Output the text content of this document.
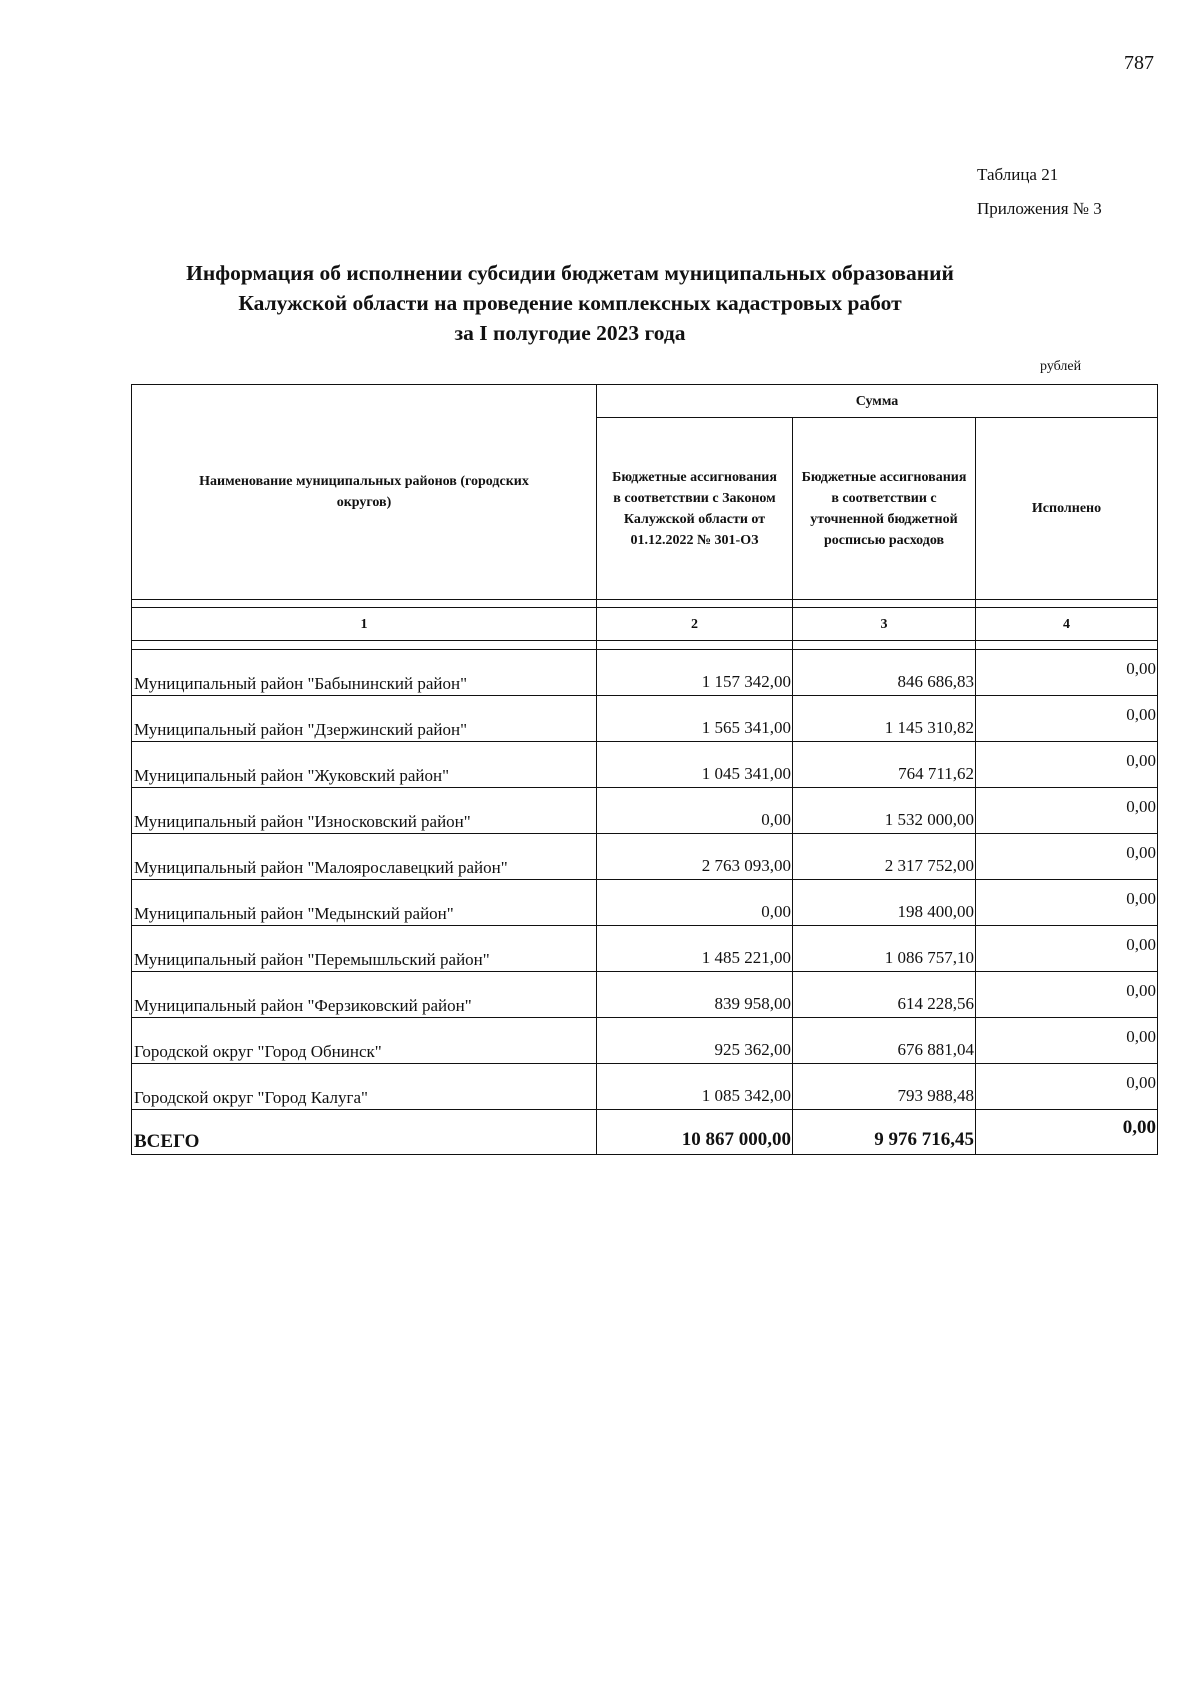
787
Таблица 21
Приложения № 3
Информация об исполнении субсидии бюджетам муниципальных образований
Калужской области на проведение комплексных кадастровых работ
за I полугодие 2023 года
рублей
Наименование муниципальных районов (городских округов)	Сумма		

	Бюджетные ассигнования в соответствии с Законом Калужской области от 01.12.2022 № 301-ОЗ	Бюджетные ассигнования в соответствии с уточненной бюджетной росписью расходов	Исполнено

1	2	3	4

Муниципальный район "Бабынинский район"	1 157 342,00	846 686,83	0,00
Муниципальный район "Дзержинский район"	1 565 341,00	1 145 310,82	0,00
Муниципальный район "Жуковский район"	1 045 341,00	764 711,62	0,00
Муниципальный район "Износковский район"	0,00	1 532 000,00	0,00
Муниципальный район "Малоярославецкий район"	2 763 093,00	2 317 752,00	0,00
Муниципальный район "Медынский район"	0,00	198 400,00	0,00
Муниципальный район "Перемышльский район"	1 485 221,00	1 086 757,10	0,00
Муниципальный район "Ферзиковский район"	839 958,00	614 228,56	0,00
Городской округ "Город Обнинск"	925 362,00	676 881,04	0,00
Городской округ "Город Калуга"	1 085 342,00	793 988,48	0,00
ВСЕГО	10 867 000,00	9 976 716,45	0,00
